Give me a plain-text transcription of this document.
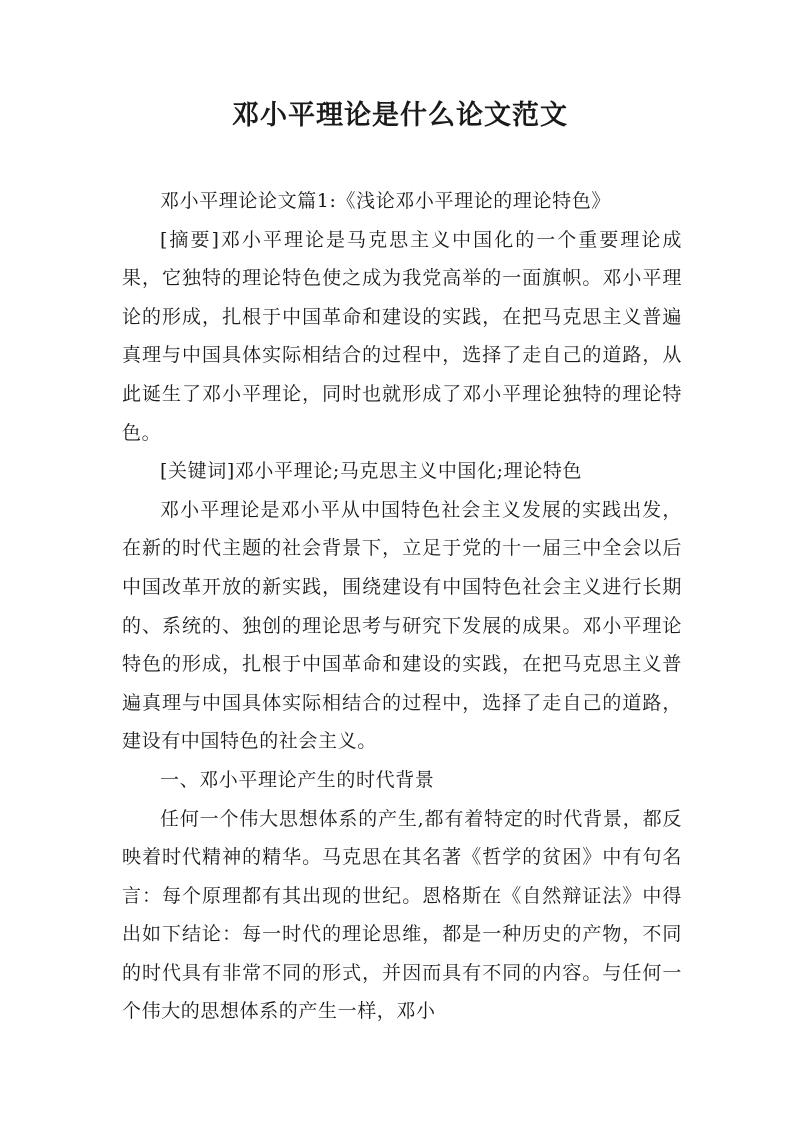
邓小平理论是什么论文范文

邓小平理论论文篇1:《浅论邓小平理论的理论特色》

[摘要]邓小平理论是马克思主义中国化的一个重要理论成果，它独特的理论特色使之成为我党高举的一面旗帜。邓小平理论的形成，扎根于中国革命和建设的实践，在把马克思主义普遍真理与中国具体实际相结合的过程中，选择了走自己的道路，从此诞生了邓小平理论，同时也就形成了邓小平理论独特的理论特色。

[关键词]邓小平理论;马克思主义中国化;理论特色

邓小平理论是邓小平从中国特色社会主义发展的实践出发，在新的时代主题的社会背景下，立足于党的十一届三中全会以后中国改革开放的新实践，围绕建设有中国特色社会主义进行长期的、系统的、独创的理论思考与研究下发展的成果。邓小平理论特色的形成，扎根于中国革命和建设的实践，在把马克思主义普遍真理与中国具体实际相结合的过程中，选择了走自己的道路，建设有中国特色的社会主义。

一、邓小平理论产生的时代背景

任何一个伟大思想体系的产生,都有着特定的时代背景，都反映着时代精神的精华。马克思在其名著《哲学的贫困》中有句名言：每个原理都有其出现的世纪。恩格斯在《自然辩证法》中得出如下结论：每一时代的理论思维，都是一种历史的产物，不同的时代具有非常不同的形式，并因而具有不同的内容。与任何一个伟大的思想体系的产生一样，邓小
